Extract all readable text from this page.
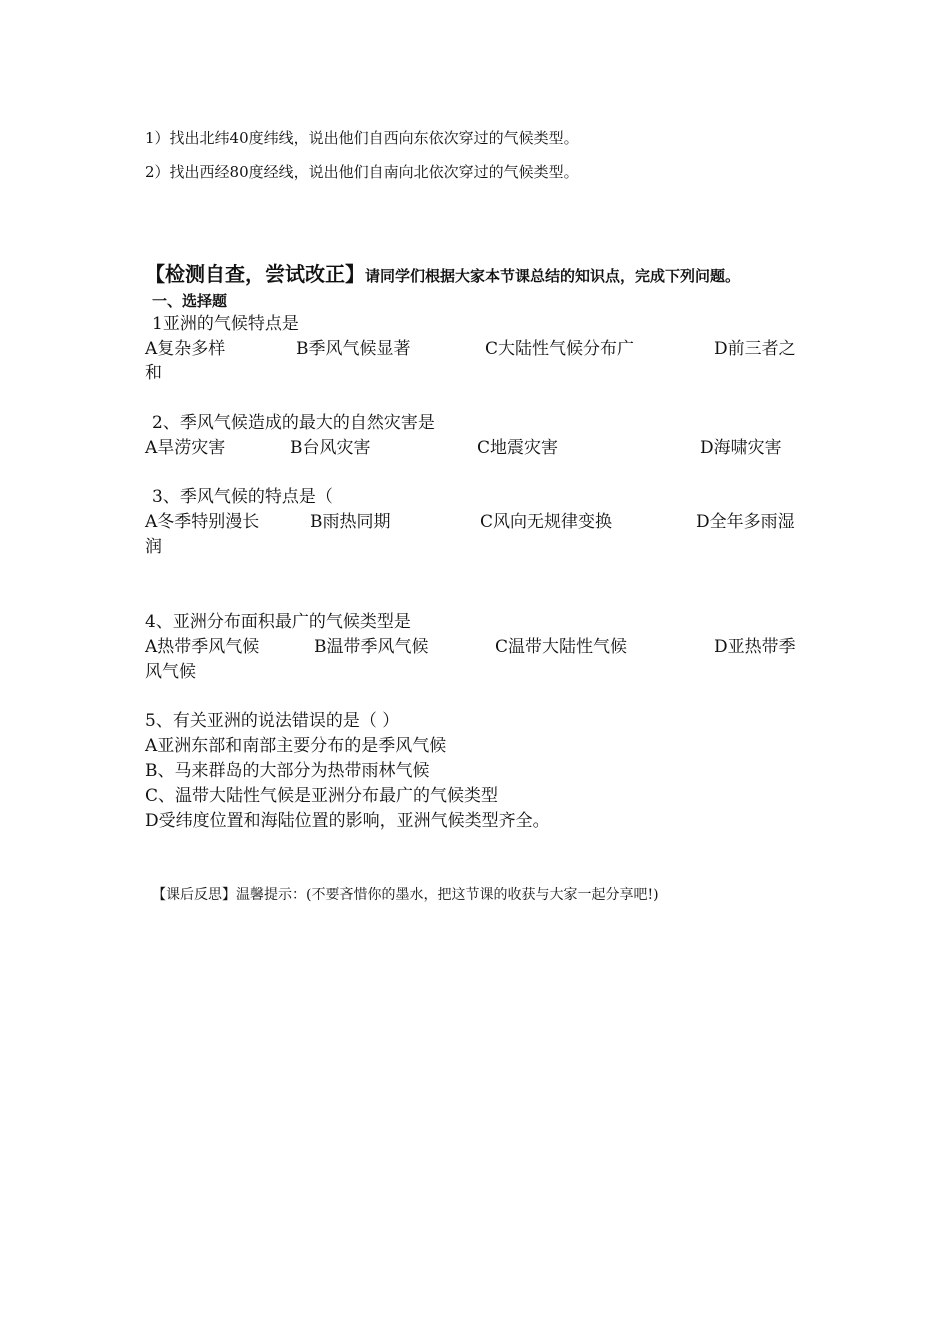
1）找出北纬40度纬线，说出他们自西向东依次穿过的气候类型。
2）找出西经80度经线，说出他们自南向北依次穿过的气候类型。
【检测自查，尝试改正】请同学们根据大家本节课总结的知识点，完成下列问题。
一、选择题
1亚洲的气候特点是
A复杂多样	B季风气候显著	C大陆性气候分布广	D前三者之
和
2、季风气候造成的最大的自然灾害是
A旱涝灾害	B台风灾害	C地震灾害	D海啸灾害
3、季风气候的特点是（
A冬季特别漫长	B雨热同期	C风向无规律变换	D全年多雨湿
润
4、亚洲分布面积最广的气候类型是
A热带季风气候	B温带季风气候	C温带大陆性气候	D亚热带季
风气候
5、有关亚洲的说法错误的是（ ）
A亚洲东部和南部主要分布的是季风气候
B、马来群岛的大部分为热带雨林气候
C、温带大陆性气候是亚洲分布最广的气候类型
D受纬度位置和海陆位置的影响，亚洲气候类型齐全。
【课后反思】温馨提示：(不要吝惜你的墨水，把这节课的收获与大家一起分享吧!)
